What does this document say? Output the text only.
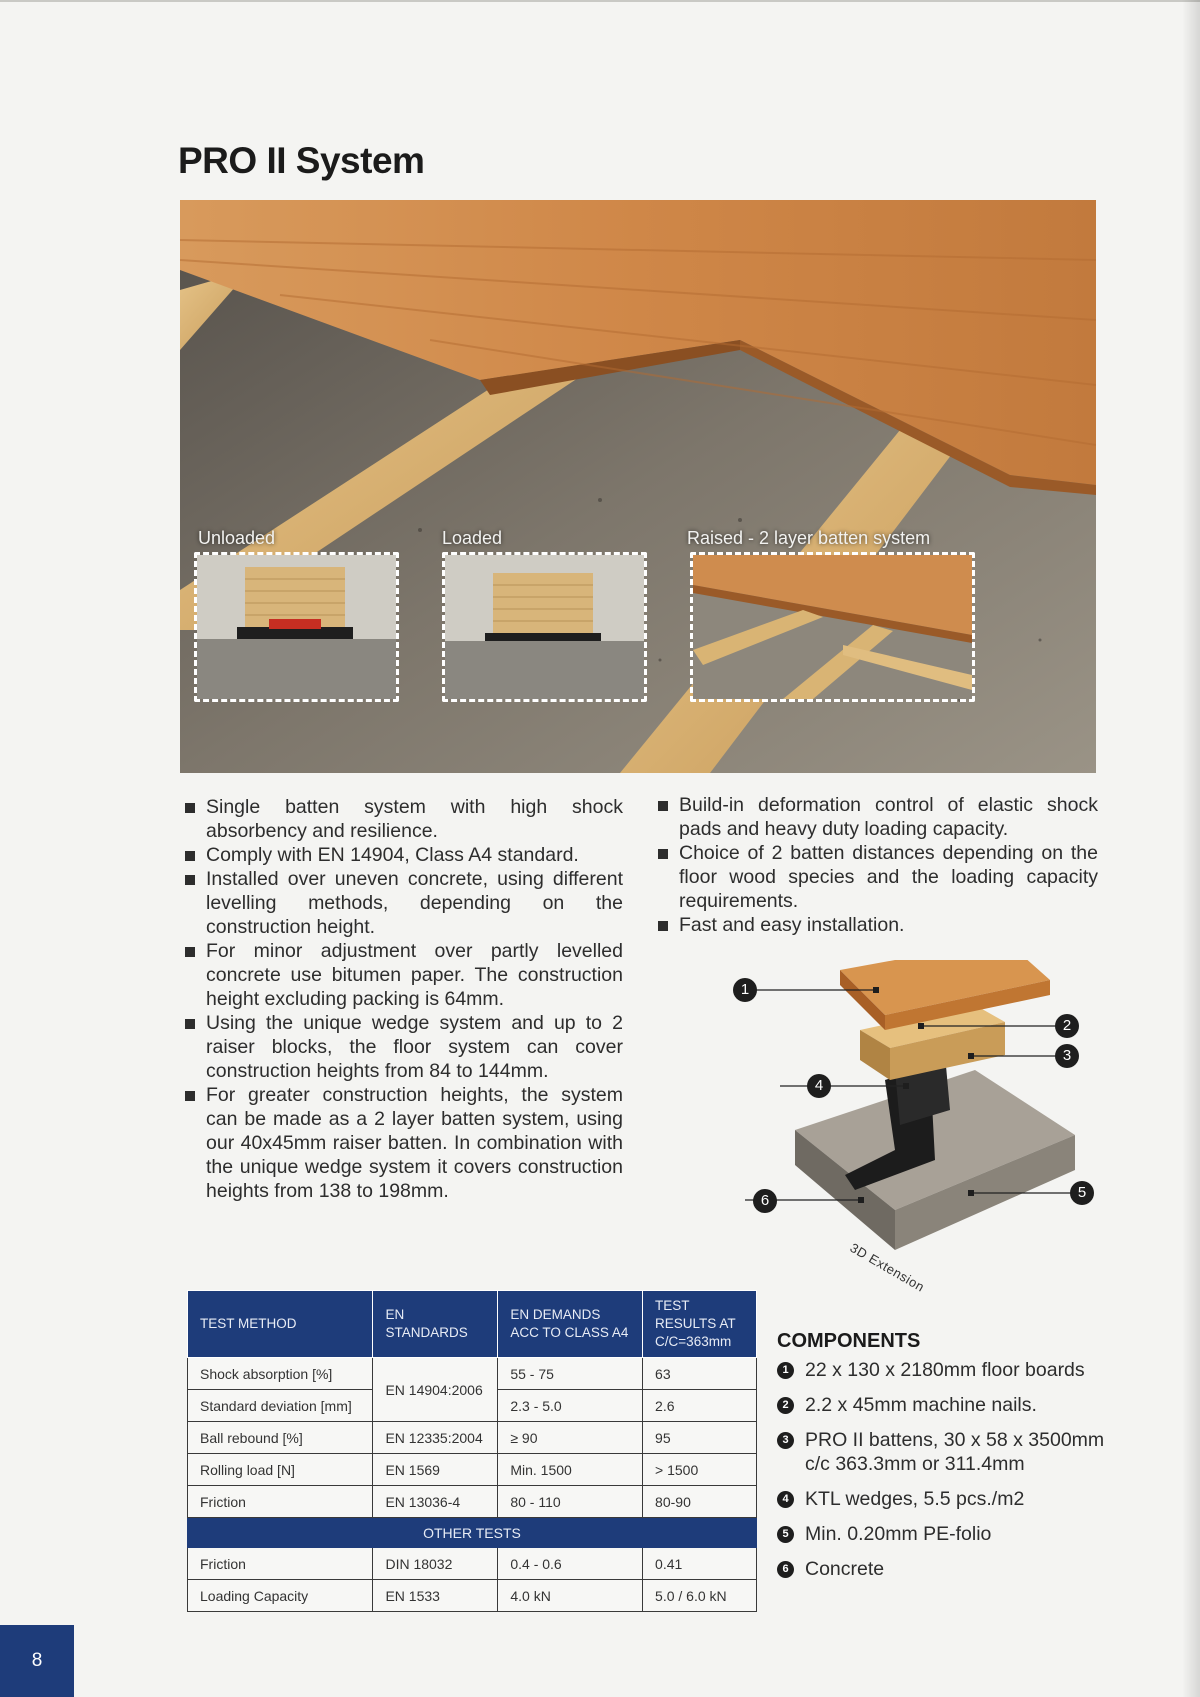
PRO II System
Unloaded	Loaded	Raised - 2 layer batten system
Single batten system with high shock absorbency and resilience.
Comply with EN 14904, Class A4 standard.
Installed over uneven concrete, using different levelling methods, depending on the construction height.
For minor adjustment over partly levelled concrete use bitumen paper. The construction height excluding packing is 64mm.
Using the unique wedge system and up to 2 raiser blocks, the floor system can cover construction heights from 84 to 144mm.
For greater construction heights, the system can be made as a 2 layer batten system, using our 40x45mm raiser batten. In combination with the unique wedge system it covers construction heights from 138 to 198mm.
Build-in deformation control of elastic shock pads and heavy duty loading capacity.
Choice of 2 batten distances depending on the floor wood species and the loading capacity requirements.
Fast and easy installation.
1
2
3
4
5
6
3D Extension
TEST METHOD	EN STANDARDS	EN DEMANDS ACC TO CLASS A4	TEST RESULTS AT C/C=363mm
Shock absorption [%]	EN 14904:2006	55 - 75	63
Standard deviation [mm]		2.3 - 5.0	2.6
Ball rebound [%]	EN 12335:2004	≥ 90	95
Rolling load [N]	EN 1569	Min. 1500	> 1500
Friction	EN 13036-4	80 - 110	80-90
OTHER TESTS			
Friction	DIN 18032	0.4 - 0.6	0.41
Loading Capacity	EN 1533	4.0 kN	5.0 / 6.0 kN
COMPONENTS
1 22 x 130 x 2180mm floor boards
2 2.2 x 45mm machine nails.
3 PRO II battens, 30 x 58 x 3500mm c/c 363.3mm or 311.4mm
4 KTL wedges, 5.5 pcs./m2
5 Min. 0.20mm PE-folio
6 Concrete
8
